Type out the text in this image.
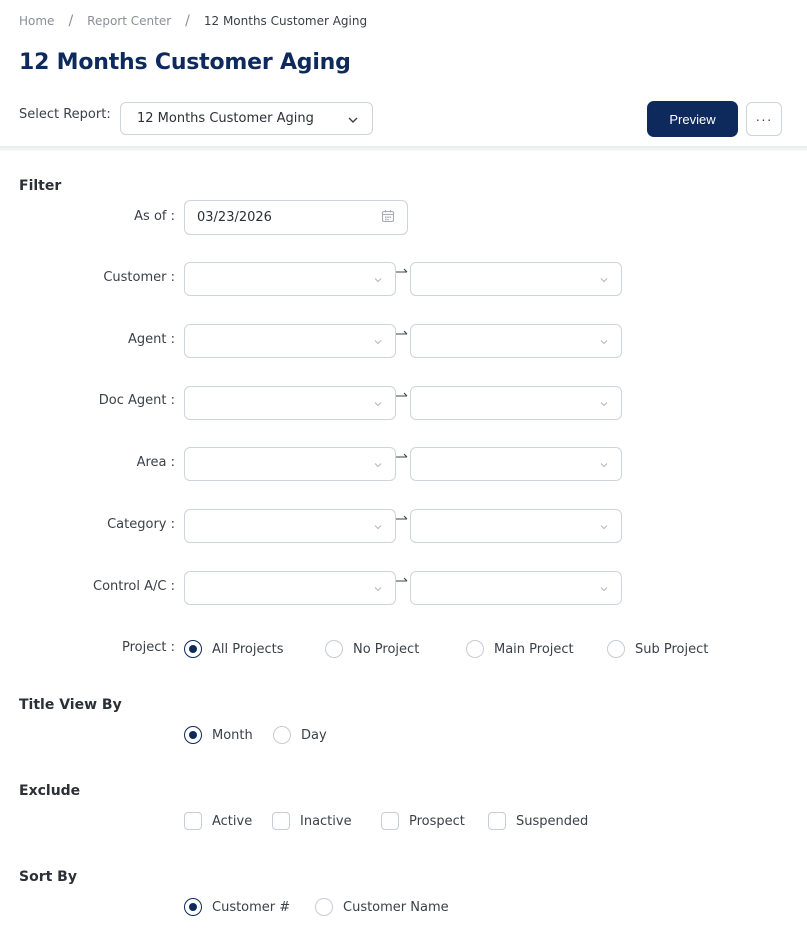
Home / Report Center / 12 Months Customer Aging
12 Months Customer Aging
Select Report: 12 Months Customer Aging	Preview	···
Filter
As of : 03/23/2026
Customer :
Agent :
Doc Agent :
Area :
Category :
Control A/C :
Project :	All Projects	No Project	Main Project	Sub Project
Title View By
Month	Day
Exclude
Active	Inactive	Prospect	Suspended
Sort By
Customer #	Customer Name
